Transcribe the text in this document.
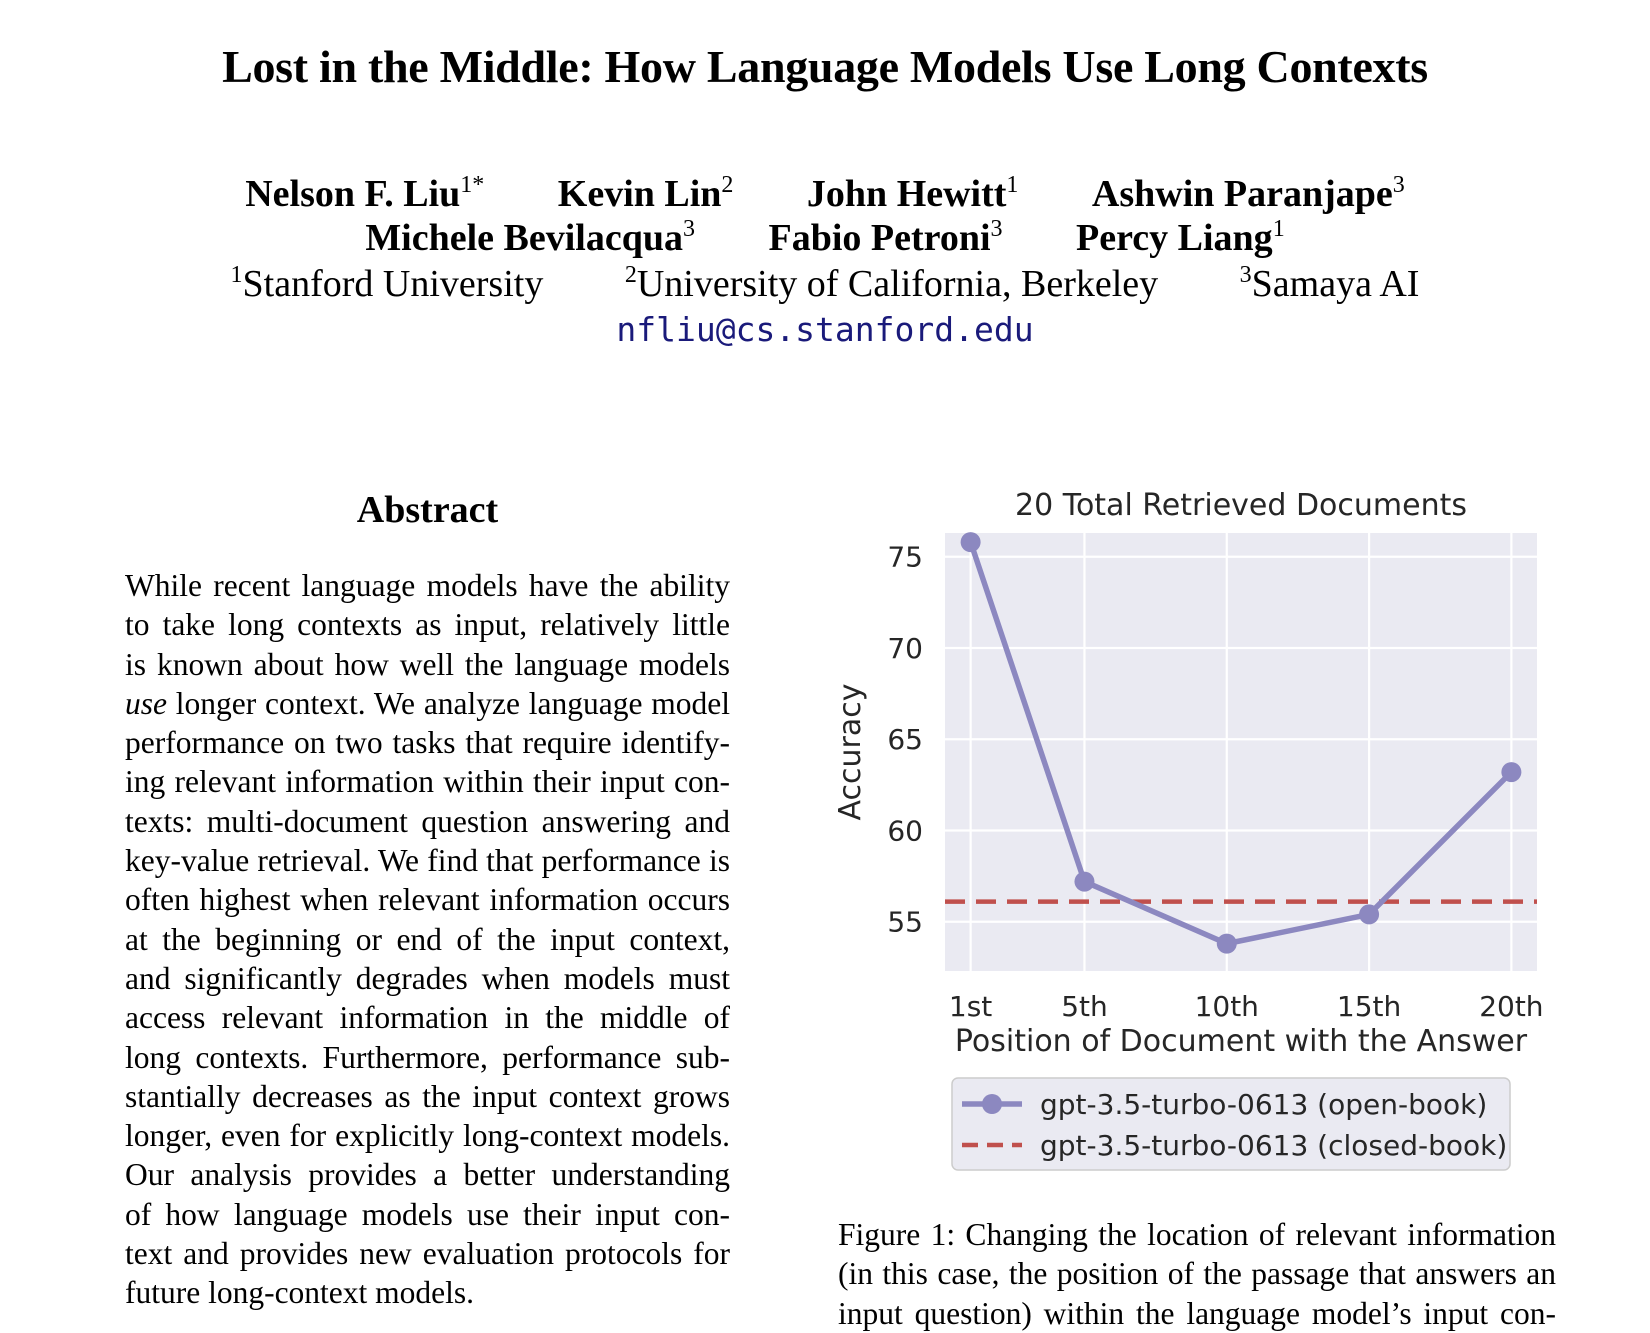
Lost in the Middle: How Language Models Use Long Contexts
Nelson F. Liu$^{1*}$ Kevin Lin$^2$ John Hewitt$^1$ Ashwin Paranjape$^3$
Michele Bevilacqua$^3$ Fabio Petroni$^3$ Percy Liang$^1$
$^1$Stanford University	$^2$University of California, Berkeley	$^3$Samaya AI
nfliu@cs.stanford.edu
Abstract
While recent language models have the ability
to take long contexts as input, relatively little
is known about how well the language models
use longer context. We analyze language model
performance on two tasks that require identify-
ing relevant information within their input con-
texts: multi-document question answering and
key-value retrieval. We find that performance is
often highest when relevant information occurs
at the beginning or end of the input context,
and significantly degrades when models must
access relevant information in the middle of
long contexts. Furthermore, performance sub-
stantially decreases as the input context grows
longer, even for explicitly long-context models.
Our analysis provides a better understanding
of how language models use their input con-
text and provides new evaluation protocols for
future long-context models.
55
60
65
70
75
1st 5th	10th	15th	20th
20 Total Retrieved Documents
Position of Document with the Answer
Accuracy
gpt-3.5-turbo-0613 (open-book)
gpt-3.5-turbo-0613 (closed-book)
Figure 1: Changing the location of relevant information
(in this case, the position of the passage that answers an
input question) within the language model’s input con-
